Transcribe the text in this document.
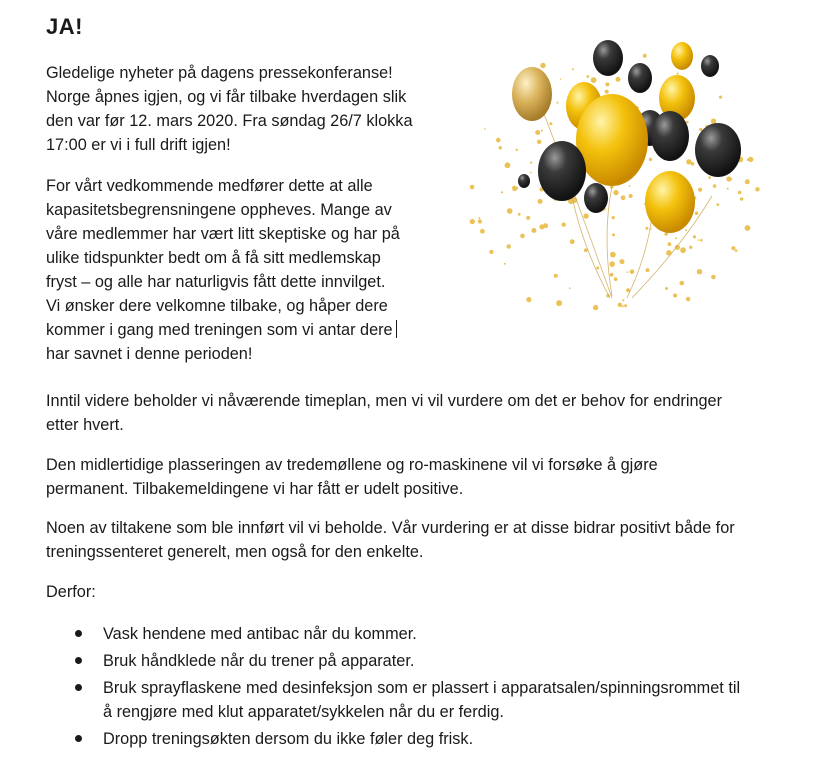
JA!

Gledelige nyheter på dagens pressekonferanse!
Norge åpnes igjen, og vi får tilbake hverdagen slik
den var før 12. mars 2020. Fra søndag 26/7 klokka
17:00 er vi i full drift igjen!

For vårt vedkommende medfører dette at alle
kapasitetsbegrensningene oppheves. Mange av
våre medlemmer har vært litt skeptiske og har på
ulike tidspunkter bedt om å få sitt medlemskap
fryst – og alle har naturligvis fått dette innvilget.
Vi ønsker dere velkomne tilbake, og håper dere
kommer i gang med treningen som vi antar dere
har savnet i denne perioden!

Inntil videre beholder vi nåværende timeplan, men vi vil vurdere om det er behov for endringer
etter hvert.

Den midlertidige plasseringen av tredemøllene og ro-maskinene vil vi forsøke å gjøre
permanent. Tilbakemeldingene vi har fått er udelt positive.

Noen av tiltakene som ble innført vil vi beholde. Vår vurdering er at disse bidrar positivt både for
treningssenteret generelt, men også for den enkelte.

Derfor:

Vask hendene med antibac når du kommer.
Bruk håndklede når du trener på apparater.
Bruk sprayflaskene med desinfeksjon som er plassert i apparatsalen/spinningsrommet til
å rengjøre med klut apparatet/sykkelen når du er ferdig.
Dropp treningsøkten dersom du ikke føler deg frisk.
